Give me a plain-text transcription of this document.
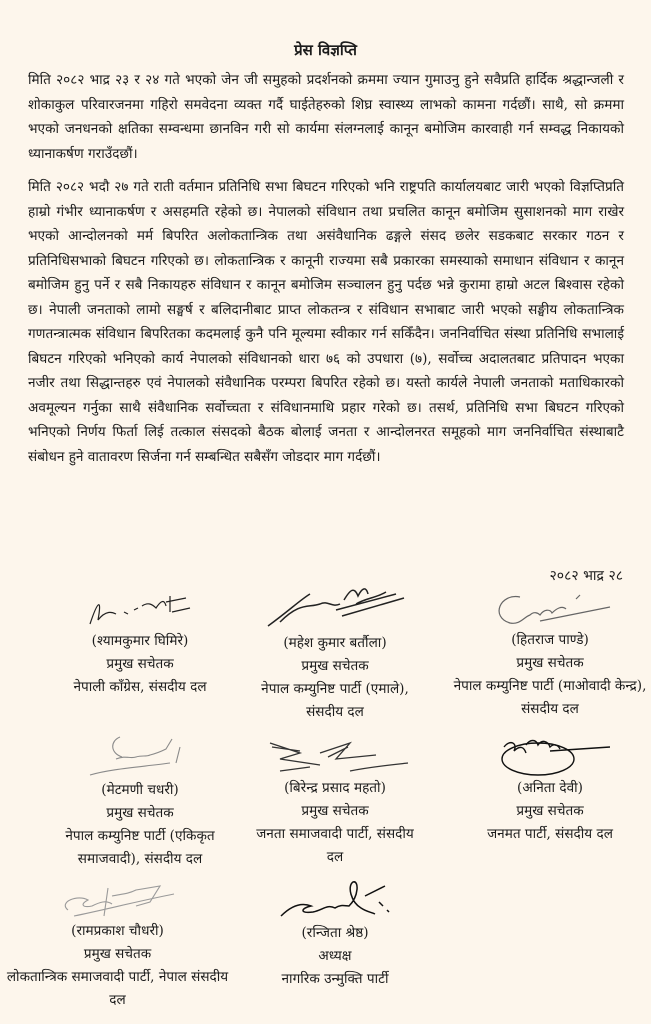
प्रेस विज्ञप्ति

मिति २०८२ भाद्र २३ र २४ गते भएको जेन जी समुहको प्रदर्शनको क्रममा ज्यान गुमाउनु हुने सवैप्रति हार्दिक श्रद्धान्जली र शोकाकुल परिवारजनमा गहिरो समवेदना व्यक्त गर्दै घाईतेहरुको शिघ्र स्वास्थ्य लाभको कामना गर्दछौं। साथै, सो क्रममा भएको जनधनको क्षतिका सम्वन्धमा छानविन गरी सो कार्यमा संलग्नलाई कानून बमोजिम कारवाही गर्न सम्वद्ध निकायको ध्यानाकर्षण गराउँदछौं।

मिति २०८२ भदौ २७ गते राती वर्तमान प्रतिनिधि सभा बिघटन गरिएको भनि राष्ट्रपति कार्यालयबाट जारी भएको विज्ञप्तिप्रति हाम्रो गंभीर ध्यानाकर्षण र असहमति रहेको छ। नेपालको संविधान तथा प्रचलित कानून बमोजिम सुसाशनको माग राखेर भएको आन्दोलनको मर्म बिपरित अलोकतान्त्रिक तथा असंवैधानिक ढङ्गले संसद छलेर सडकबाट सरकार गठन र प्रतिनिधिसभाको बिघटन गरिएको छ। लोकतान्त्रिक र कानूनी राज्यमा सबै प्रकारका समस्याको समाधान संविधान र कानून बमोजिम हुनु पर्ने र सबै निकायहरु संविधान र कानून बमोजिम सञ्चालन हुनु पर्दछ भन्ने कुरामा हाम्रो अटल बिश्वास रहेको छ। नेपाली जनताको लामो सङ्घर्ष र बलिदानीबाट प्राप्त लोकतन्त्र र संविधान सभाबाट जारी भएको सङ्घीय लोकतान्त्रिक गणतन्त्रात्मक संविधान बिपरितका कदमलाई कुनै पनि मूल्यमा स्वीकार गर्न सकिँदैन। जननिर्वाचित संस्था प्रतिनिधि सभालाई बिघटन गरिएको भनिएको कार्य नेपालको संविधानको धारा ७६ को उपधारा (७), सर्वोच्च अदालतबाट प्रतिपादन भएका नजीर तथा सिद्धान्तहरु एवं नेपालको संवैधानिक परम्परा बिपरित रहेको छ। यस्तो कार्यले नेपाली जनताको मताधिकारको अवमूल्यन गर्नुका साथै संवैधानिक सर्वोच्चता र संविधानमाथि प्रहार गरेको छ। तसर्थ, प्रतिनिधि सभा बिघटन गरिएको भनिएको निर्णय फिर्ता लिई तत्काल संसदको बैठक बोलाई जनता र आन्दोलनरत समूहको माग जननिर्वाचित संस्थाबाटै संबोधन हुने वातावरण सिर्जना गर्न सम्बन्धित सबैसँग जोडदार माग गर्दछौं।

२०८२ भाद्र २८
(श्यामकुमार घिमिरे)
प्रमुख सचेतक
नेपाली काँग्रेस, संसदीय दल
(महेश कुमार बर्तौला)
प्रमुख सचेतक
नेपाल कम्युनिष्ट पार्टी (एमाले), संसदीय दल
(हितराज पाण्डे)
प्रमुख सचेतक
नेपाल कम्युनिष्ट पार्टी (माओवादी केन्द्र), संसदीय दल
(मेटमणी चधरी)
प्रमुख सचेतक
नेपाल कम्युनिष्ट पार्टी (एकिकृत समाजवादी), संसदीय दल
(बिरेन्द्र प्रसाद महतो)
प्रमुख सचेतक
जनता समाजवादी पार्टी, संसदीय दल
(अनिता देवी)
प्रमुख सचेतक
जनमत पार्टी, संसदीय दल
(रामप्रकाश चौधरी)
प्रमुख सचेतक
लोकतान्त्रिक समाजवादी पार्टी, नेपाल संसदीय दल
(रन्जिता श्रेष्ठ)
अध्यक्ष
नागरिक उन्मुक्ति पार्टी
